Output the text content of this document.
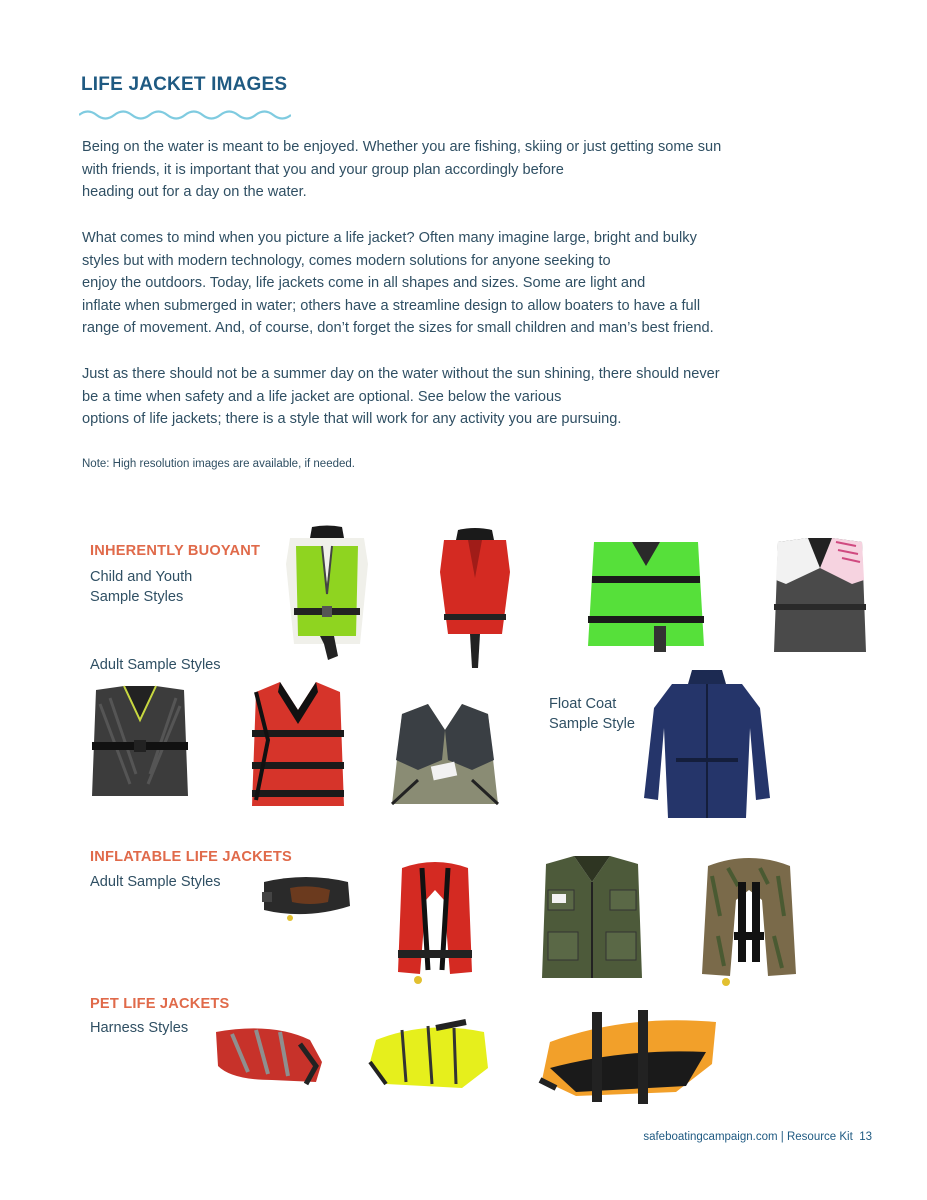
LIFE JACKET IMAGES

Being on the water is meant to be enjoyed. Whether you are fishing, skiing or just getting some sun
with friends, it is important that you and your group plan accordingly before
heading out for a day on the water.

What comes to mind when you picture a life jacket? Often many imagine large, bright and bulky
styles but with modern technology, comes modern solutions for anyone seeking to
enjoy the outdoors. Today, life jackets come in all shapes and sizes. Some are light and
inflate when submerged in water; others have a streamline design to allow boaters to have a full
range of movement. And, of course, don’t forget the sizes for small children and man’s best friend.

Just as there should not be a summer day on the water without the sun shining, there should never
be a time when safety and a life jacket are optional. See below the various
options of life jackets; there is a style that will work for any activity you are pursuing.

Note: High resolution images are available, if needed.
INHERENTLY BUOYANT
Child and Youth
Sample Styles
Adult Sample Styles
Float Coat
Sample Style
INFLATABLE LIFE JACKETS
Adult Sample Styles
PET LIFE JACKETS
Harness Styles
safeboatingcampaign.com | Resource Kit 13
